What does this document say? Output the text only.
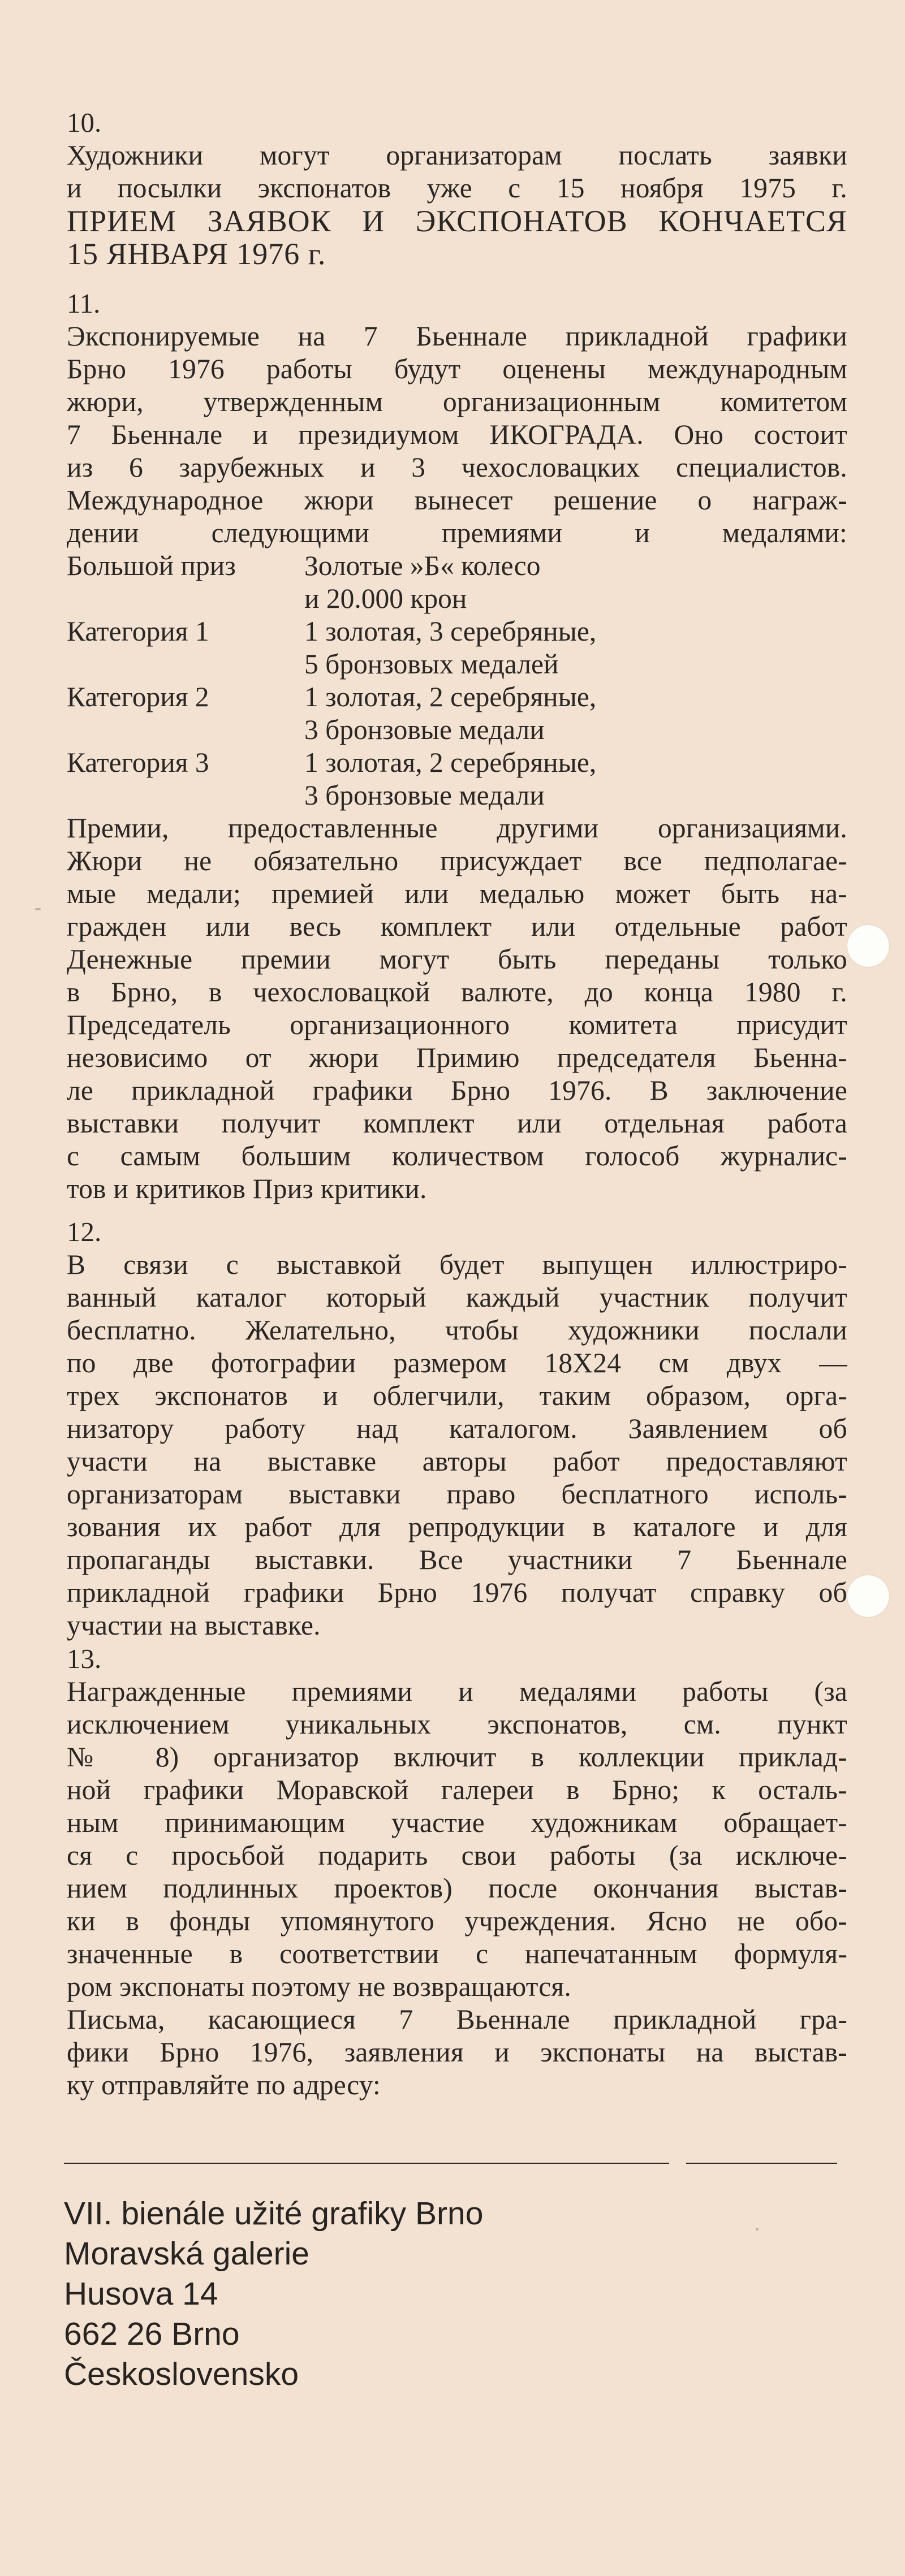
10.

Художники могут организаторам послать заявки

и посылки экспонатов уже с 15 ноября 1975 г.

ПРИЕМ ЗАЯВОК И ЭКСПОНАТОВ КОНЧАЕТСЯ

15 ЯНВАРЯ 1976 г.

11.

Экспонируемые на 7 Бьеннале прикладной графики

Брно 1976 работы будут оценены международным

жюри, утвержденным организационным комитетом

7 Бьеннале и президиумом ИКОГРАДА. Оно состоит

из 6 зарубежных и 3 чехословацких специалистов.

Международное жюри вынесет решение о награж-

дении следующими премиями и медалями:

Большой приз	Золотые »Б« колесо
и 20.000 крон
Категория 1	1 золотая, 3 серебряные,
5 бронзовых медалей
Категория 2	1 золотая, 2 серебряные,
3 бронзовые медали
Категория 3	1 золотая, 2 серебряные,
3 бронзовые медали

Премии, предоставленные другими организациями.

Жюри не обязательно присуждает все педполагае-

мые медали; премией или медалью может быть на-

гражден или весь комплект или отдельные работ

Денежные премии могут быть переданы только

в Брно, в чехословацкой валюте, до конца 1980 г.

Председатель организационного комитета присудит

незовисимо от жюри Примию председателя Бьенна-

ле прикладной графики Брно 1976. В заключение

выставки получит комплект или отдельная работа

с самым большим количеством голособ журналис-

тов и критиков Приз критики.

12.

В связи с выставкой будет выпущен иллюстриро-

ванный каталог который каждый участник получит

бесплатно. Желательно, чтобы художники послали

по две фотографии размером 18X24 см двух —

трех экспонатов и облегчили, таким образом, орга-

низатору работу над каталогом. Заявлением об

участи на выставке авторы работ предоставляют

организаторам выставки право бесплатного исполь-

зования их работ для репродукции в каталоге и для

пропаганды выставки. Все участники 7 Бьеннале

прикладной графики Брно 1976 получат справку об

участии на выставке.

13.

Награжденные премиями и медалями работы (за

исключением уникальных экспонатов, см. пункт

№ 8) организатор включит в коллекции приклад-

ной графики Моравской галереи в Брно; к осталь-

ным принимающим участие художникам обращает-

ся с просьбой подарить свои работы (за исключе-

нием подлинных проектов) после окончания выстав-

ки в фонды упомянутого учреждения. Ясно не обо-

значенные в соответствии с напечатанным формуля-

ром экспонаты поэтому не возвращаются.

Письма, касающиеся 7 Вьеннале прикладной гра-

фики Брно 1976, заявления и экспонаты на выстав-

ку отправляйте по адресу:

VII. bienále užité grafiky Brno

Moravská galerie

Husova 14

662 26 Brno

Československo
